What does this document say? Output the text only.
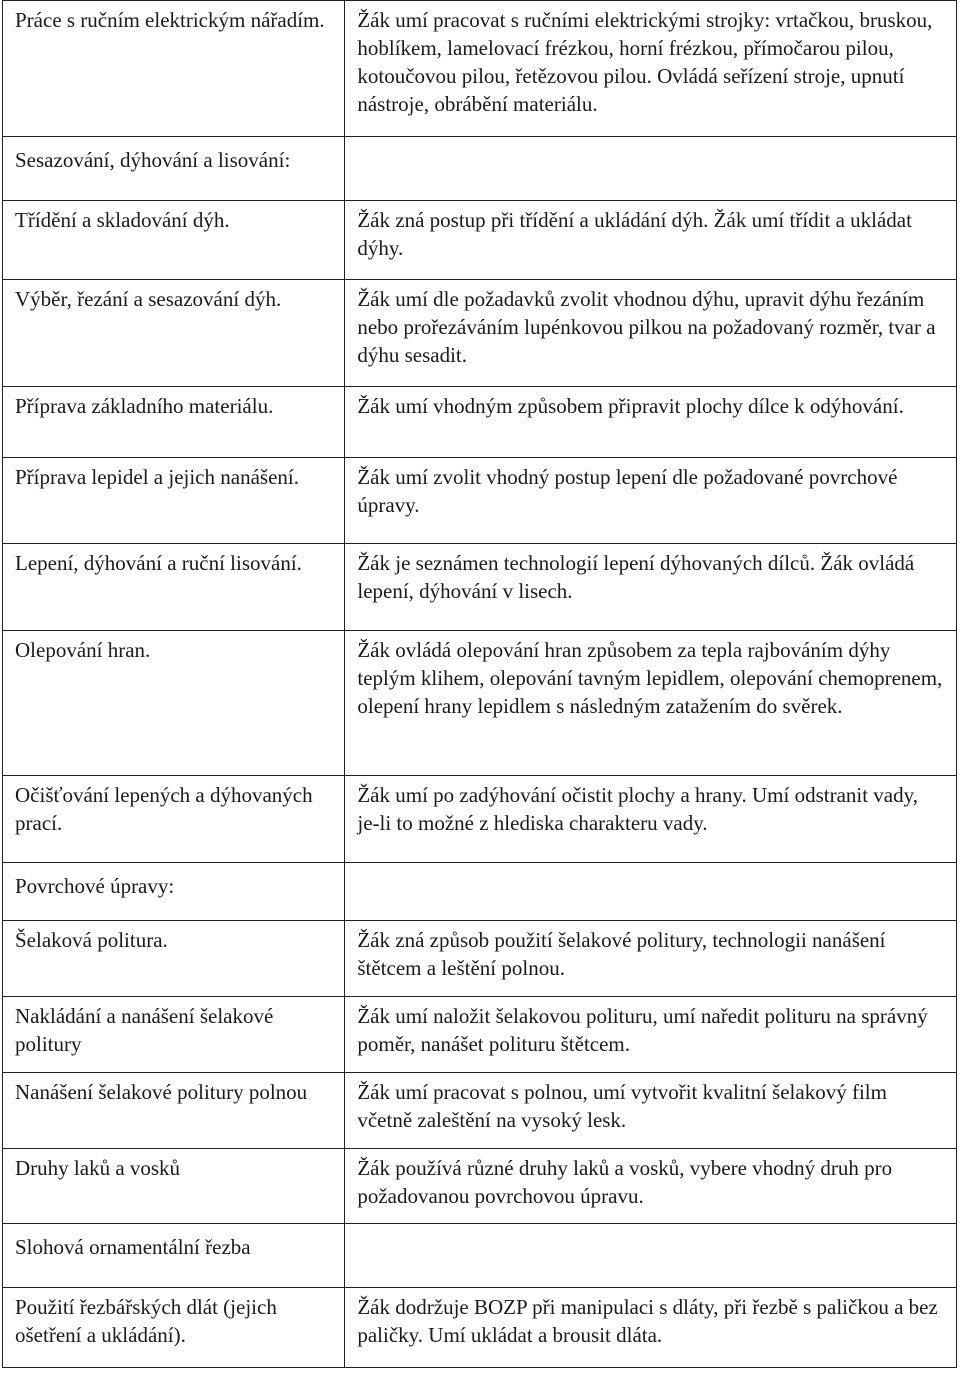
Práce s ručním elektrickým nářadím.	Žák umí pracovat s ručními elektrickými strojky: vrtačkou, bruskou, hoblíkem, lamelovací frézkou, horní frézkou, přímočarou pilou, kotoučovou pilou, řetězovou pilou. Ovládá seřízení stroje, upnutí nástroje, obrábění materiálu.

Sesazování, dýhování a lisování:	

Třídění a skladování dýh.	Žák zná postup při třídění a ukládání dýh. Žák umí třídit a ukládat dýhy.

Výběr, řezání a sesazování dýh.	Žák umí dle požadavků zvolit vhodnou dýhu, upravit dýhu řezáním nebo prořezáváním lupénkovou pilkou na požadovaný rozměr, tvar a dýhu sesadit.

Příprava základního materiálu.	Žák umí vhodným způsobem připravit plochy dílce k odýhování.

Příprava lepidel a jejich nanášení.	Žák umí zvolit vhodný postup lepení dle požadované povrchové úpravy.

Lepení, dýhování a ruční lisování.	Žák je seznámen technologií lepení dýhovaných dílců. Žák ovládá lepení, dýhování v lisech.

Olepování hran.	Žák ovládá olepování hran způsobem za tepla rajbováním dýhy teplým klihem, olepování tavným lepidlem, olepování chemoprenem, olepení hrany lepidlem s následným zatažením do svěrek.

Očišťování lepených a dýhovaných prací.	Žák umí po zadýhování očistit plochy a hrany. Umí odstranit vady, je-li to možné z hlediska charakteru vady.

Povrchové úpravy:	

Šelaková politura.	Žák zná způsob použití šelakové politury, technologii nanášení štětcem a leštění polnou.

Nakládání a nanášení šelakové politury	Žák umí naložit šelakovou polituru, umí naředit polituru na správný poměr, nanášet polituru štětcem.

Nanášení šelakové politury polnou	Žák umí pracovat s polnou, umí vytvořit kvalitní šelakový film včetně zaleštění na vysoký lesk.

Druhy laků a vosků	Žák používá různé druhy laků a vosků, vybere vhodný druh pro požadovanou povrchovou úpravu.

Slohová ornamentální řezba	

Použití řezbářských dlát (jejich ošetření a ukládání).	Žák dodržuje BOZP při manipulaci s dláty, při řezbě s paličkou a bez paličky. Umí ukládat a brousit dláta.
